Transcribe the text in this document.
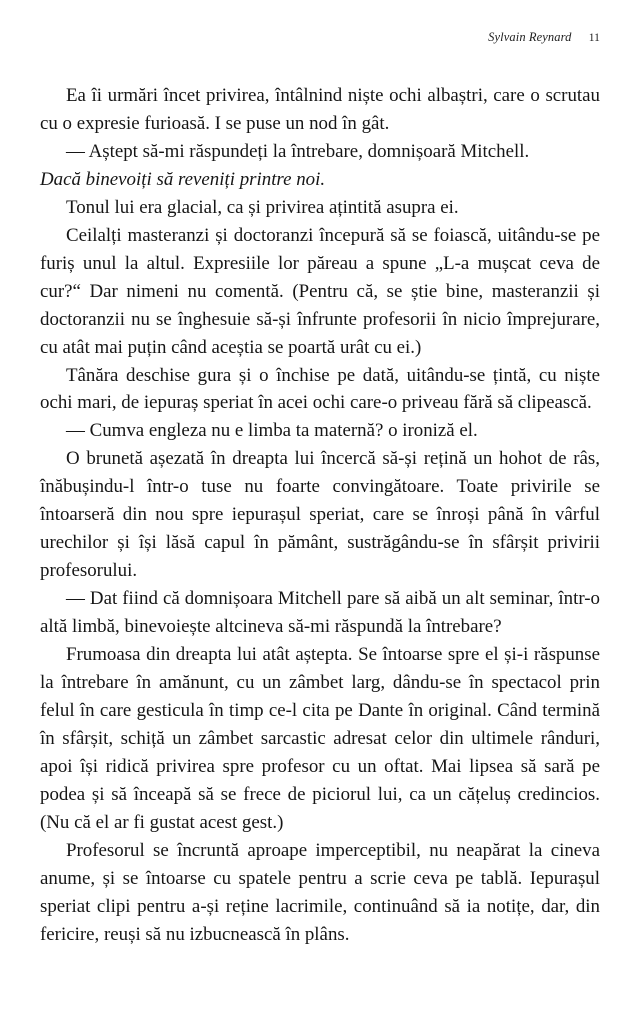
Sylvain Reynard 11

Ea îi urmări încet privirea, întâlnind niște ochi albaștri, care o scrutau cu o expresie furioasă. I se puse un nod în gât.

— Aștept să-mi răspundeți la întrebare, domnișoară Mitchell.

Dacă binevoiți să reveniți printre noi.

Tonul lui era glacial, ca și privirea ațintită asupra ei.

Ceilalți masteranzi și doctoranzi începură să se foiască, uitându-se pe furiș unul la altul. Expresiile lor păreau a spune „L-a mușcat ceva de cur?“ Dar nimeni nu comentă. (Pentru că, se știe bine, masteranzii și doctoranzii nu se înghesuie să-și înfrunte profesorii în nicio împrejurare, cu atât mai puțin când aceștia se poartă urât cu ei.)

Tânăra deschise gura și o închise pe dată, uitându-se țintă, cu niște ochi mari, de iepuraș speriat în acei ochi care-o priveau fără să clipească.

— Cumva engleza nu e limba ta maternă? o ironiză el.

O brunetă așezată în dreapta lui încercă să-și rețină un hohot de râs, înăbușindu-l într-o tuse nu foarte convingătoare. Toate privirile se întoarseră din nou spre iepurașul speriat, care se înroși până în vârful urechilor și își lăsă capul în pământ, sustrăgându-se în sfârșit privirii profesorului.

— Dat fiind că domnișoara Mitchell pare să aibă un alt seminar, într-o altă limbă, binevoiește altcineva să-mi răspundă la întrebare?

Frumoasa din dreapta lui atât aștepta. Se întoarse spre el și-i răspunse la întrebare în amănunt, cu un zâmbet larg, dându-se în spectacol prin felul în care gesticula în timp ce-l cita pe Dante în original. Când termină în sfârșit, schiță un zâmbet sarcastic adresat celor din ultimele rânduri, apoi își ridică privirea spre profesor cu un oftat. Mai lipsea să sară pe podea și să înceapă să se frece de piciorul lui, ca un cățeluș credincios. (Nu că el ar fi gustat acest gest.)

Profesorul se încruntă aproape imperceptibil, nu neapărat la cineva anume, și se întoarse cu spatele pentru a scrie ceva pe tablă. Iepurașul speriat clipi pentru a-și reține lacrimile, continuând să ia notițe, dar, din fericire, reuși să nu izbucnească în plâns.
